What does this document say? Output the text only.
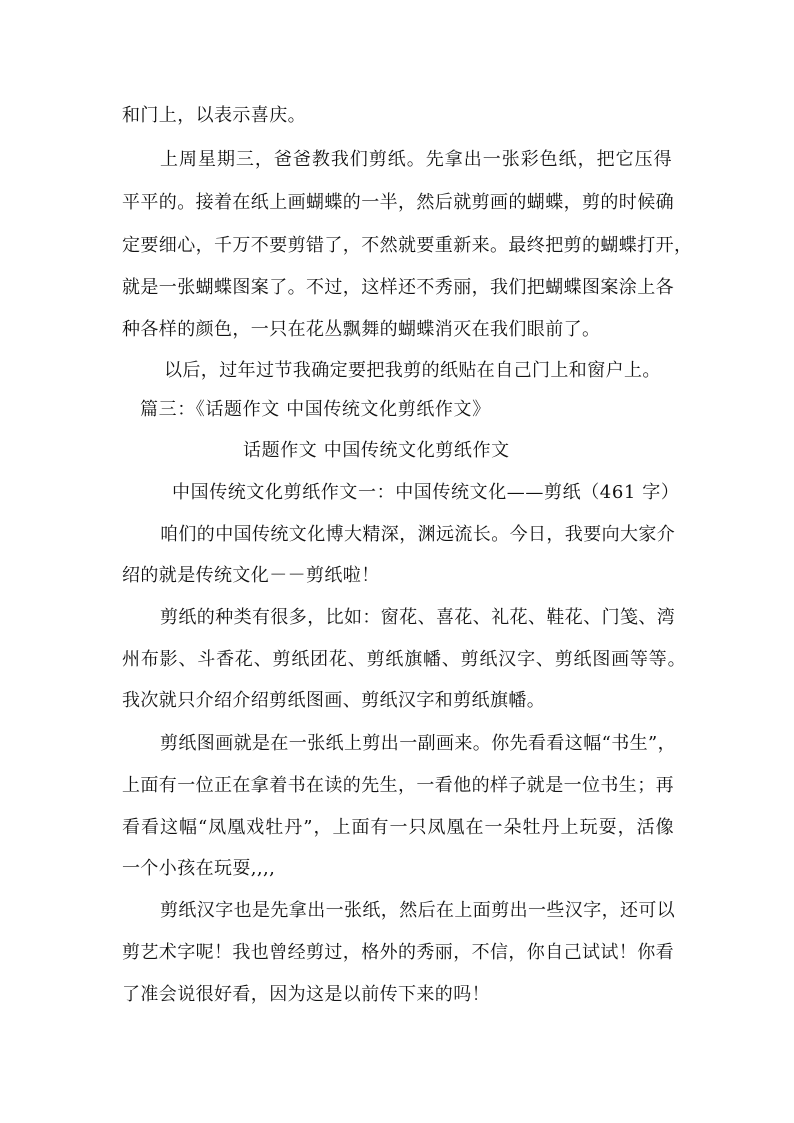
和门上，以表示喜庆。
上周星期三，爸爸教我们剪纸。先拿出一张彩色纸，把它压得
平平的。接着在纸上画蝴蝶的一半，然后就剪画的蝴蝶，剪的时候确
定要细心，千万不要剪错了，不然就要重新来。最终把剪的蝴蝶打开，
就是一张蝴蝶图案了。不过，这样还不秀丽，我们把蝴蝶图案涂上各
种各样的颜色，一只在花丛飘舞的蝴蝶消灭在我们眼前了。
以后，过年过节我确定要把我剪的纸贴在自己门上和窗户上。
篇三：《话题作文 中国传统文化剪纸作文》
话题作文 中国传统文化剪纸作文
中国传统文化剪纸作文一：中国传统文化——剪纸（461 字）
咱们的中国传统文化博大精深，渊远流长。今日，我要向大家介
绍的就是传统文化－－剪纸啦！
剪纸的种类有很多，比如：窗花、喜花、礼花、鞋花、门笺、湾
州布影、斗香花、剪纸团花、剪纸旗幡、剪纸汉字、剪纸图画等等。
我次就只介绍介绍剪纸图画、剪纸汉字和剪纸旗幡。
剪纸图画就是在一张纸上剪出一副画来。你先看看这幅“书生”，
上面有一位正在拿着书在读的先生，一看他的样子就是一位书生；再
看看这幅“凤凰戏牡丹”，上面有一只凤凰在一朵牡丹上玩耍，活像
一个小孩在玩耍,,,,
剪纸汉字也是先拿出一张纸，然后在上面剪出一些汉字，还可以
剪艺术字呢！我也曾经剪过，格外的秀丽，不信，你自己试试！你看
了准会说很好看，因为这是以前传下来的吗！
